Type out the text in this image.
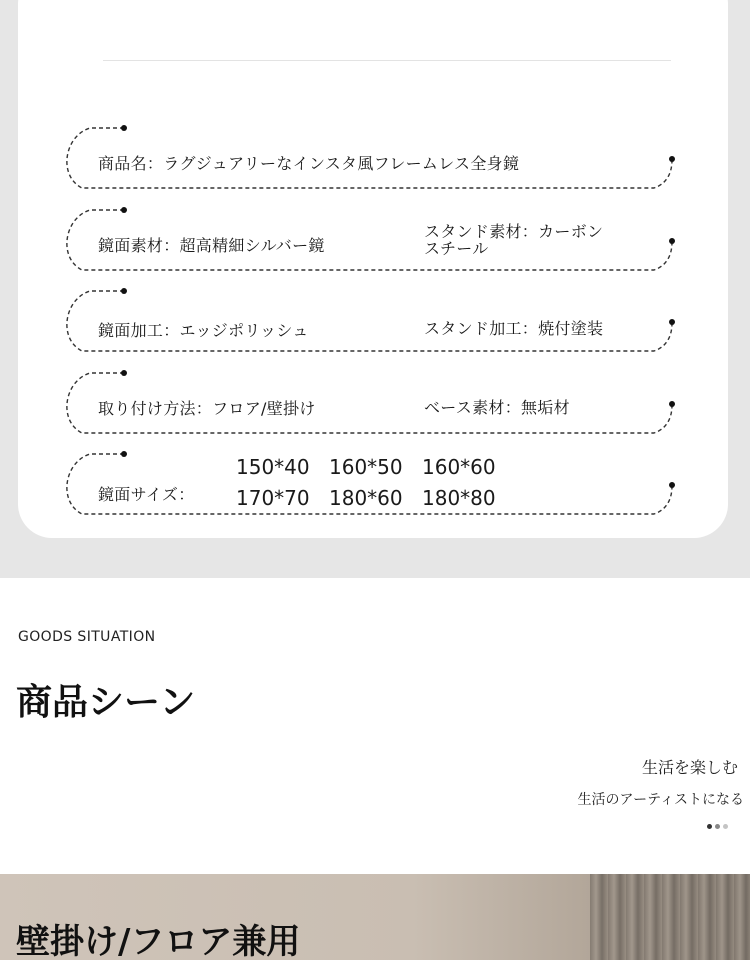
商品名：ラグジュアリーなインスタ風フレームレス全身鏡
鏡面素材：超高精細シルバー鏡
スタンド素材：カーボンスチール
鏡面加工：エッジポリッシュ	スタンド加工：焼付塗装
取り付け方法：フロア/壁掛け	ベース素材：無垢材
鏡面サイズ：
150*40 160*50 160*60
170*70 180*60 180*80
GOODS SITUATION
商品シーン
生活を楽しむ
生活のアーティストになる
壁掛け/フロア兼用
